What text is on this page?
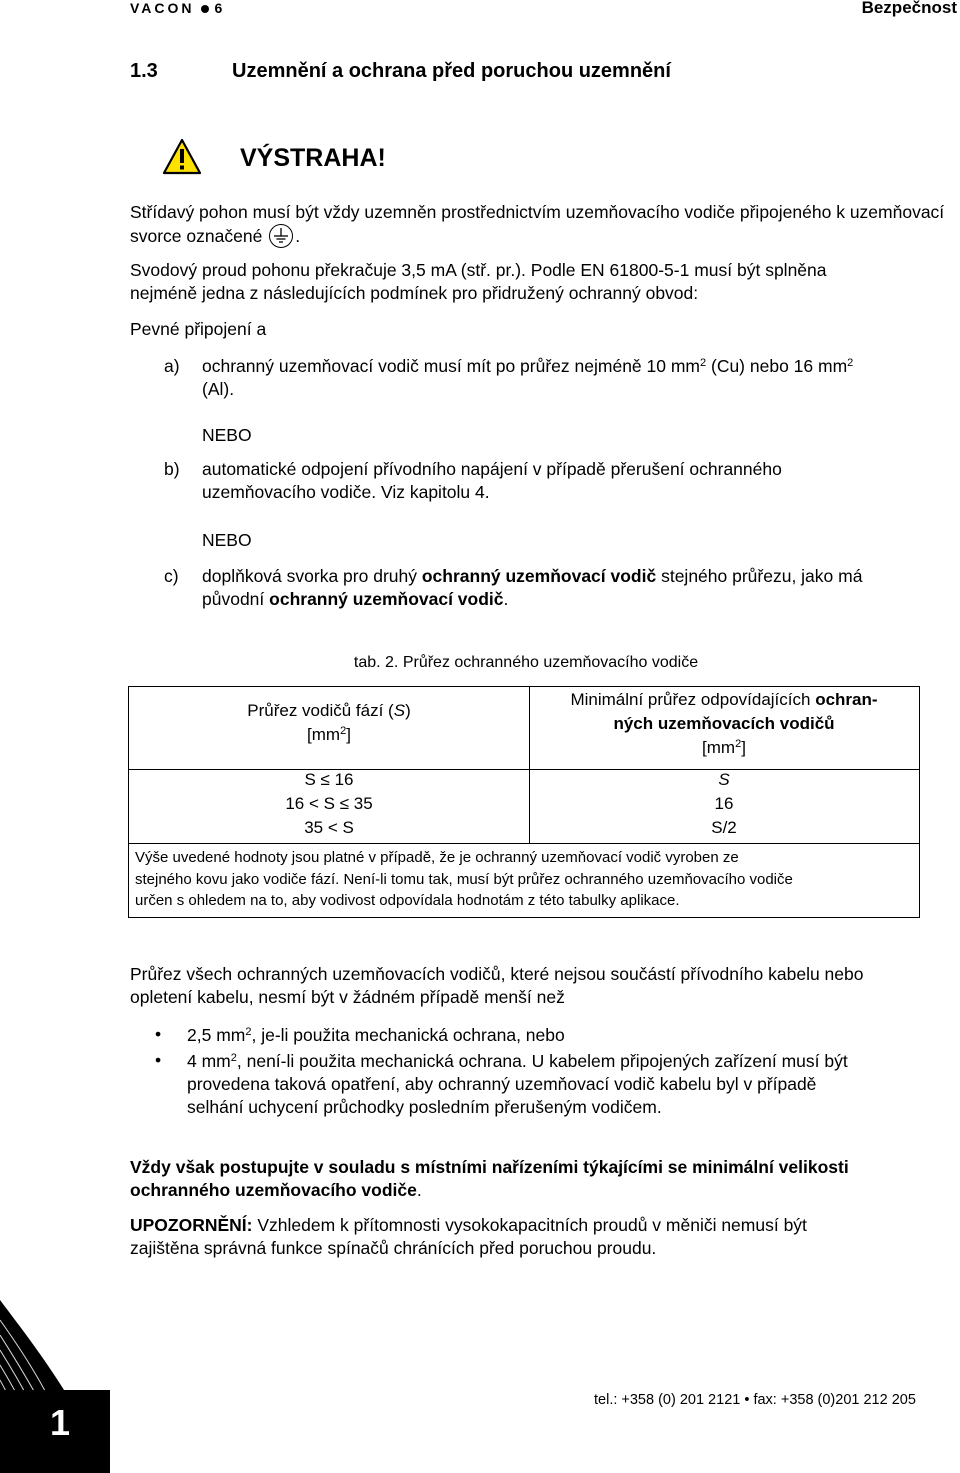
VACON 6	Bezpečnost
1.3	Uzemnění a ochrana před poruchou uzemnění
VÝSTRAHA!
Střídavý pohon musí být vždy uzemněn prostřednictvím uzemňovacího vodiče připojeného k uzemňovací svorce označené .
Svodový proud pohonu překračuje 3,5 mA (stř. pr.). Podle EN 61800-5-1 musí být splněna
nejméně jedna z následujících podmínek pro přidružený ochranný obvod:
Pevné připojení a
a) ochranný uzemňovací vodič musí mít po průřez nejméně 10 $mm^2$ (Cu) nebo 16 $mm^2$
(Al).
NEBO
b) automatické odpojení přívodního napájení v případě přerušení ochranného
uzemňovacího vodiče. Viz kapitolu 4.
NEBO
c) doplňková svorka pro druhý ochranný uzemňovací vodič stejného průřezu, jako má
původní ochranný uzemňovací vodič.
tab. 2. Průřez ochranného uzemňovacího vodiče
Průřez vodičů fází (S)
$[mm^2]$
Minimální průřez odpovídajících ochran-
ných uzemňovacích vodičů
$[mm^2]$
S ≤ 16
16 < S ≤ 35
35 < S
S
16
S/2
Výše uvedené hodnoty jsou platné v případě, že je ochranný uzemňovací vodič vyroben ze
stejného kovu jako vodiče fází. Není-li tomu tak, musí být průřez ochranného uzemňovacího vodiče
určen s ohledem na to, aby vodivost odpovídala hodnotám z této tabulky aplikace.
Průřez všech ochranných uzemňovacích vodičů, které nejsou součástí přívodního kabelu nebo
opletení kabelu, nesmí být v žádném případě menší než
• 2,5 $mm^2$, je-li použita mechanická ochrana, nebo
• 4 $mm^2$, není-li použita mechanická ochrana. U kabelem připojených zařízení musí být
provedena taková opatření, aby ochranný uzemňovací vodič kabelu byl v případě
selhání uchycení průchodky posledním přerušeným vodičem.
Vždy však postupujte v souladu s místními nařízeními týkajícími se minimální velikosti
ochranného uzemňovacího vodiče.
UPOZORNĚNÍ: Vzhledem k přítomnosti vysokokapacitních proudů v měniči nemusí být
zajištěna správná funkce spínačů chránících před poruchou proudu.
1
tel.: +358 (0) 201 2121 • fax: +358 (0)201 212 205
